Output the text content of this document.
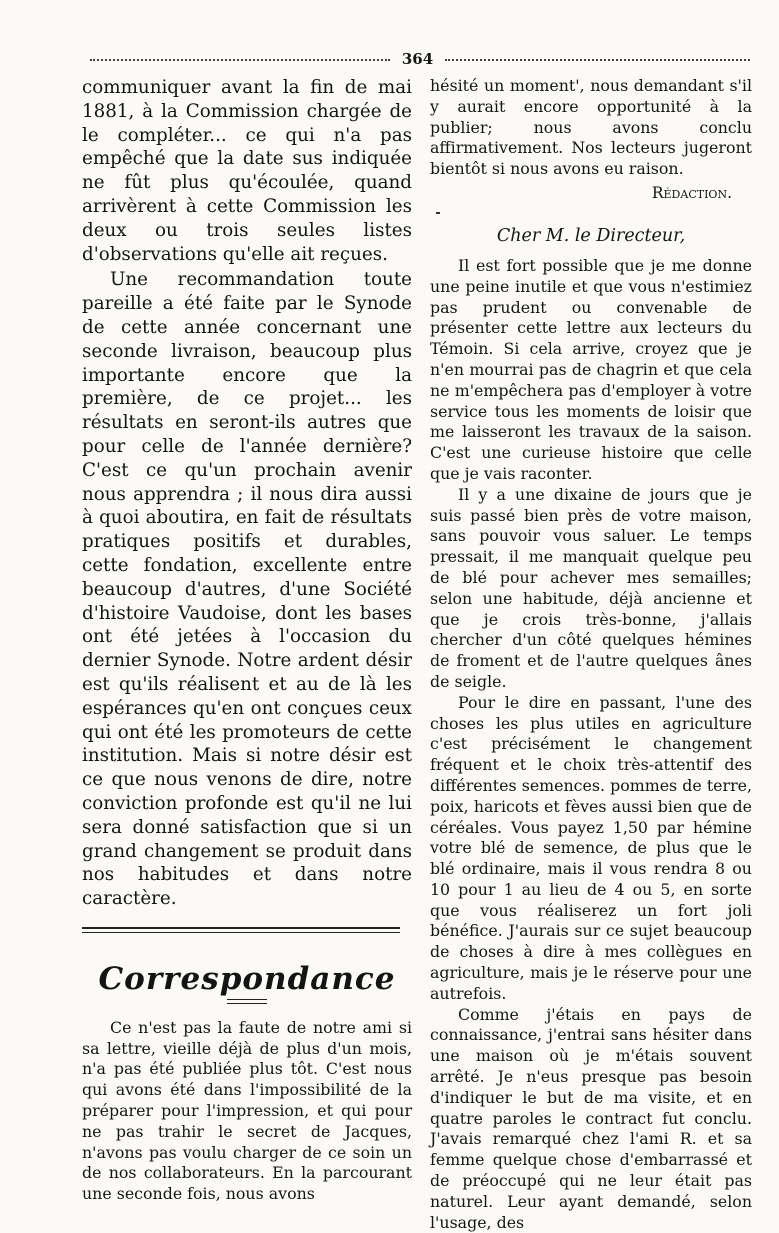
364

communiquer avant la fin de mai 1881, à la Commission chargée de le compléter... ce qui n'a pas empêché que la date sus indiquée ne fût plus qu'écoulée, quand arrivèrent à cette Commission les deux ou trois seules listes d'observations qu'elle ait reçues.

Une recommandation toute pareille a été faite par le Synode de cette année concernant une seconde livraison, beaucoup plus importante encore que la première, de ce projet... les résultats en seront-ils autres que pour celle de l'année dernière? C'est ce qu'un prochain avenir nous apprendra ; il nous dira aussi à quoi aboutira, en fait de résultats pratiques positifs et durables, cette fondation, excellente entre beaucoup d'autres, d'une Société d'histoire Vaudoise, dont les bases ont été jetées à l'occasion du dernier Synode. Notre ardent désir est qu'ils réalisent et au de là les espérances qu'en ont conçues ceux qui ont été les promoteurs de cette institution. Mais si notre désir est ce que nous venons de dire, notre conviction profonde est qu'il ne lui sera donné satisfaction que si un grand changement se produit dans nos habitudes et dans notre caractère.

Correspondance

Ce n'est pas la faute de notre ami si sa lettre, vieille déjà de plus d'un mois, n'a pas été publiée plus tôt. C'est nous qui avons été dans l'impossibilité de la préparer pour l'impression, et qui pour ne pas trahir le secret de Jacques, n'avons pas voulu charger de ce soin un de nos collaborateurs. En la parcourant une seconde fois, nous avons

hésité un moment', nous demandant s'il y aurait encore opportunité à la publier; nous avons conclu affirmativement. Nos lecteurs jugeront bientôt si nous avons eu raison.

Rédaction.
Cher M. le Directeur,

Il est fort possible que je me donne une peine inutile et que vous n'estimiez pas prudent ou convenable de présenter cette lettre aux lecteurs du Témoin. Si cela arrive, croyez que je n'en mourrai pas de chagrin et que cela ne m'empêchera pas d'employer à votre service tous les moments de loisir que me laisseront les travaux de la saison. C'est une curieuse histoire que celle que je vais raconter.

Il y a une dixaine de jours que je suis passé bien près de votre maison, sans pouvoir vous saluer. Le temps pressait, il me manquait quelque peu de blé pour achever mes semailles; selon une habitude, déjà ancienne et que je crois très-bonne, j'allais chercher d'un côté quelques hémines de froment et de l'autre quelques ânes de seigle.

Pour le dire en passant, l'une des choses les plus utiles en agriculture c'est précisément le changement fréquent et le choix très-attentif des différentes semences. pommes de terre, poix, haricots et fèves aussi bien que de céréales. Vous payez 1,50 par hémine votre blé de semence, de plus que le blé ordinaire, mais il vous rendra 8 ou 10 pour 1 au lieu de 4 ou 5, en sorte que vous réaliserez un fort joli bénéfice. J'aurais sur ce sujet beaucoup de choses à dire à mes collègues en agriculture, mais je le réserve pour une autrefois.

Comme j'étais en pays de connaissance, j'entrai sans hésiter dans une maison où je m'étais souvent arrêté. Je n'eus presque pas besoin d'indiquer le but de ma visite, et en quatre paroles le contract fut conclu. J'avais remarqué chez l'ami R. et sa femme quelque chose d'embarrassé et de préoccupé qui ne leur était pas naturel. Leur ayant demandé, selon l'usage, des
